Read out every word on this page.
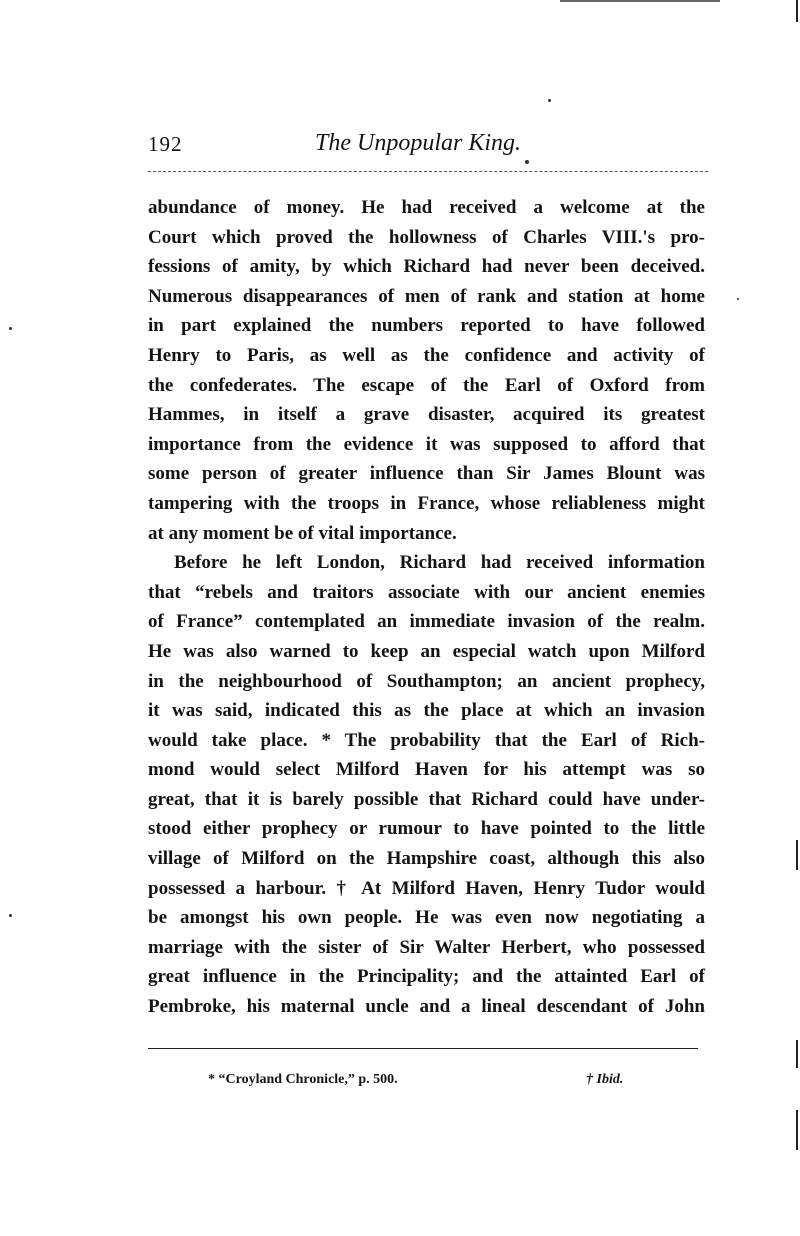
192	The Unpopular King.
abundance of money. He had received a welcome at the
Court which proved the hollowness of Charles VIII.'s pro-
fessions of amity, by which Richard had never been deceived.
Numerous disappearances of men of rank and station at home
in part explained the numbers reported to have followed
Henry to Paris, as well as the confidence and activity of
the confederates. The escape of the Earl of Oxford from
Hammes, in itself a grave disaster, acquired its greatest
importance from the evidence it was supposed to afford that
some person of greater influence than Sir James Blount was
tampering with the troops in France, whose reliableness might
at any moment be of vital importance.
Before he left London, Richard had received information
that “rebels and traitors associate with our ancient enemies
of France” contemplated an immediate invasion of the realm.
He was also warned to keep an especial watch upon Milford
in the neighbourhood of Southampton; an ancient prophecy,
it was said, indicated this as the place at which an invasion
would take place. * The probability that the Earl of Rich-
mond would select Milford Haven for his attempt was so
great, that it is barely possible that Richard could have under-
stood either prophecy or rumour to have pointed to the little
village of Milford on the Hampshire coast, although this also
possessed a harbour. † At Milford Haven, Henry Tudor would
be amongst his own people. He was even now negotiating a
marriage with the sister of Sir Walter Herbert, who possessed
great influence in the Principality; and the attainted Earl of
Pembroke, his maternal uncle and a lineal descendant of John
* “Croyland Chronicle,” p. 500.	† Ibid.
